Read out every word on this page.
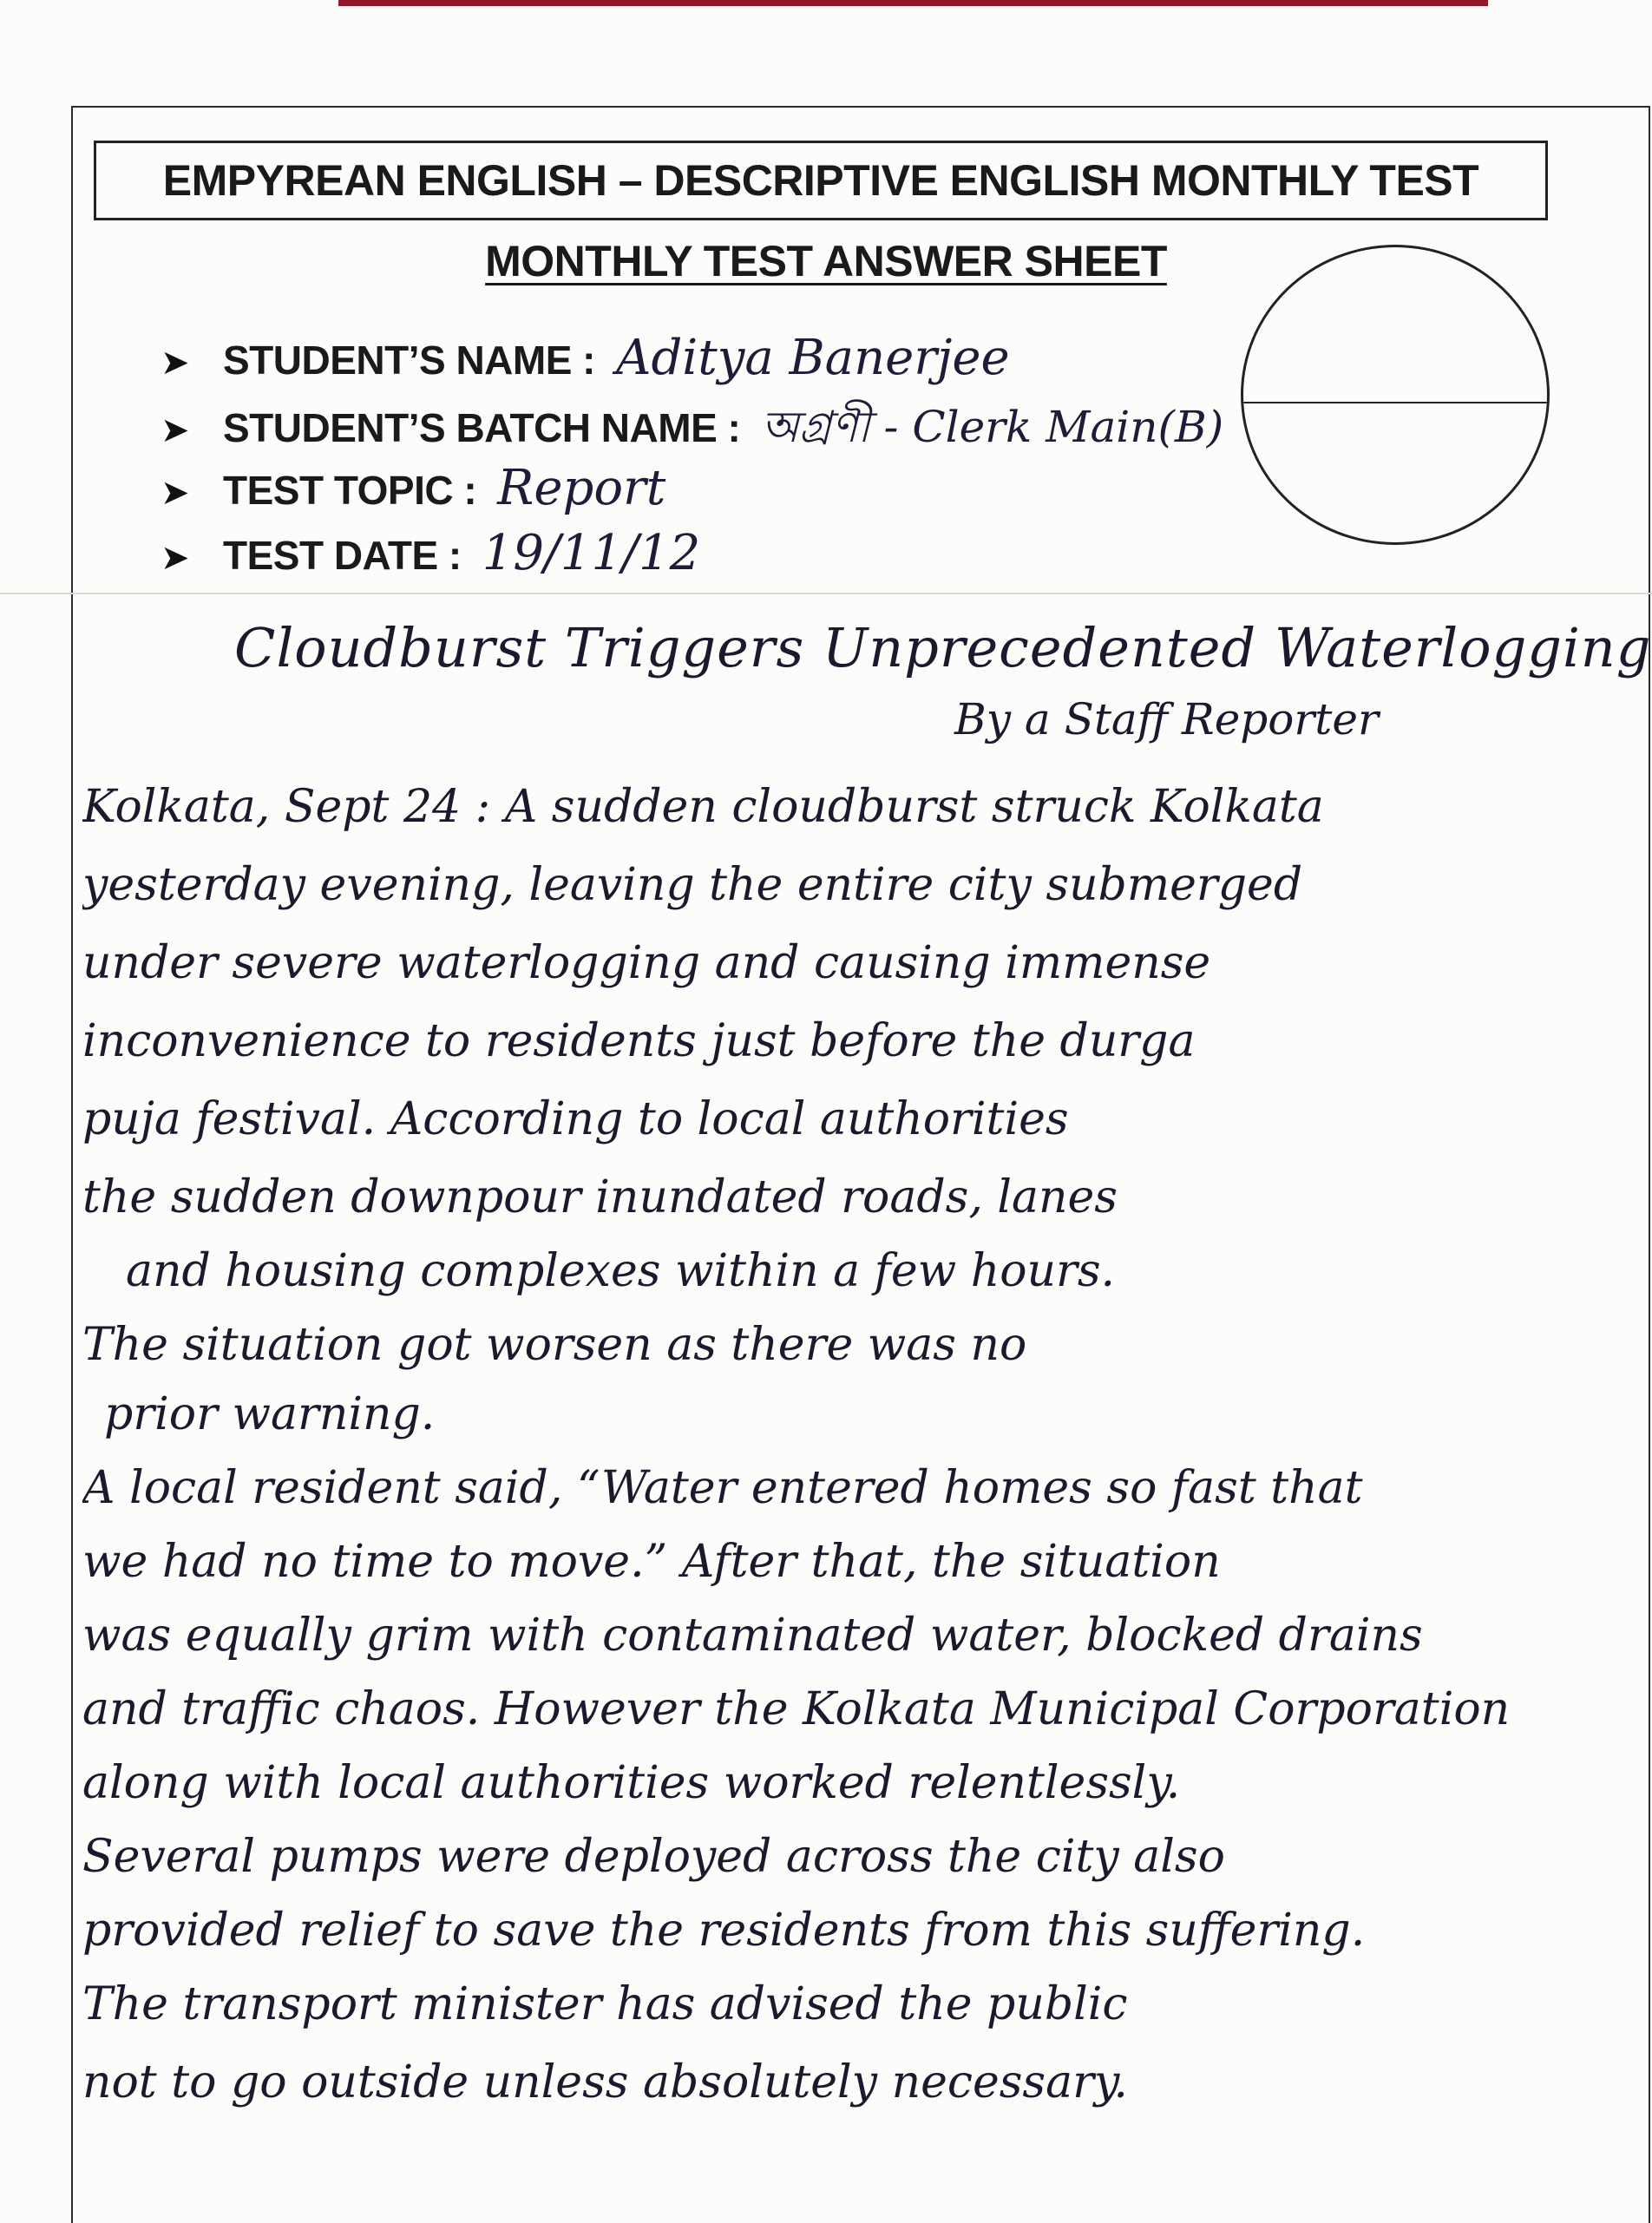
EMPYREAN ENGLISH – DESCRIPTIVE ENGLISH MONTHLY TEST
MONTHLY TEST ANSWER SHEET
➤ STUDENT’S NAME : Aditya Banerjee
➤ STUDENT’S BATCH NAME : অগ্রণী - Clerk Main(B)
➤ TEST TOPIC : Report
➤ TEST DATE : 19/11/12
Cloudburst Triggers Unprecedented Waterlogging
By a Staff Reporter
Kolkata, Sept 24 : A sudden cloudburst struck Kolkata
yesterday evening, leaving the entire city submerged
under severe waterlogging and causing immense
inconvenience to residents just before the durga
puja festival. According to local authorities
the sudden downpour inundated roads, lanes
and housing complexes within a few hours.
The situation got worsen as there was no
prior warning.
A local resident said, “Water entered homes so fast that
we had no time to move.” After that, the situation
was equally grim with contaminated water, blocked drains
and traffic chaos. However the Kolkata Municipal Corporation
along with local authorities worked relentlessly.
Several pumps were deployed across the city also
provided relief to save the residents from this suffering.
The transport minister has advised the public
not to go outside unless absolutely necessary.
